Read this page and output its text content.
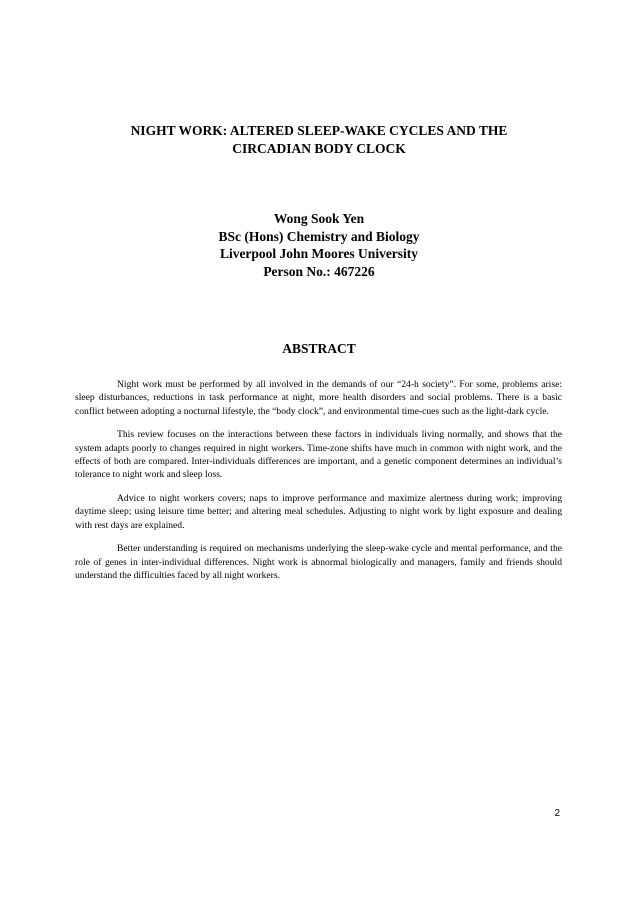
NIGHT WORK: ALTERED SLEEP-WAKE CYCLES AND THE
CIRCADIAN BODY CLOCK
Wong Sook Yen
BSc (Hons) Chemistry and Biology
Liverpool John Moores University
Person No.: 467226
ABSTRACT

Night work must be performed by all involved in the demands of our “24-h society”. For some, problems arise: sleep disturbances, reductions in task performance at night, more health disorders and social problems. There is a basic conflict between adopting a nocturnal lifestyle, the “body clock”, and environmental time-cues such as the light-dark cycle.

This review focuses on the interactions between these factors in individuals living normally, and shows that the system adapts poorly to changes required in night workers. Time-zone shifts have much in common with night work, and the effects of both are compared. Inter-individuals differences are important, and a genetic component determines an individual’s tolerance to night work and sleep loss.

Advice to night workers covers; naps to improve performance and maximize alertness during work; improving daytime sleep; using leisure time better; and altering meal schedules. Adjusting to night work by light exposure and dealing with rest days are explained.

Better understanding is required on mechanisms underlying the sleep-wake cycle and mental performance, and the role of genes in inter-individual differences. Night work is abnormal biologically and managers, family and friends should understand the difficulties faced by all night workers.

2
